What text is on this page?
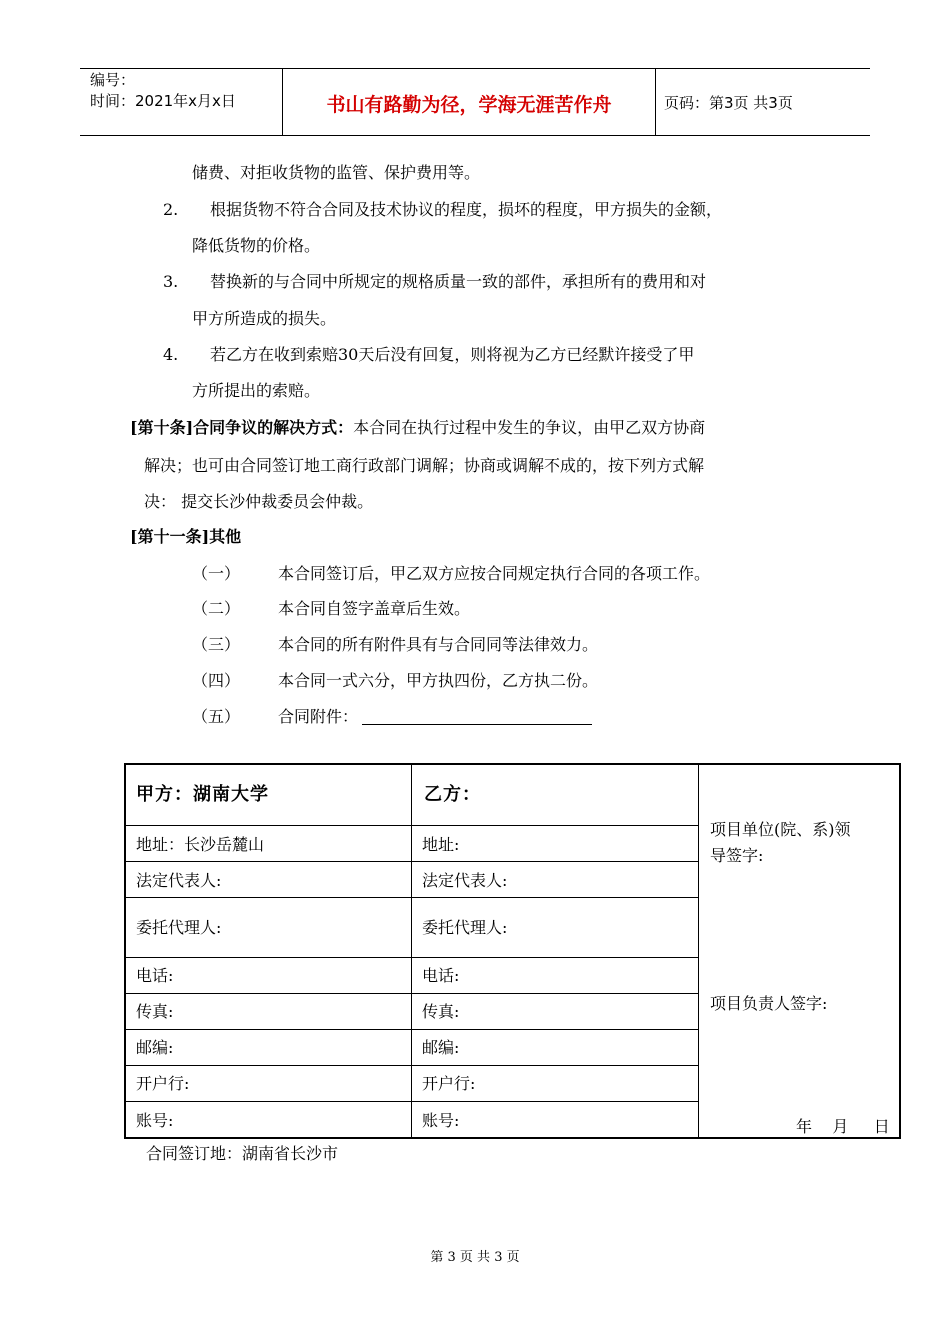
编号：
时间：2021年x月x日	书山有路勤为径，学海无涯苦作舟	页码：第3页 共3页
储费、对拒收货物的监管、保护费用等。
2. 根据货物不符合合同及技术协议的程度，损坏的程度，甲方损失的金额，
降低货物的价格。
3. 替换新的与合同中所规定的规格质量一致的部件，承担所有的费用和对
甲方所造成的损失。
4. 若乙方在收到索赔30天后没有回复，则将视为乙方已经默许接受了甲
方所提出的索赔。
[第十条]合同争议的解决方式：本合同在执行过程中发生的争议，由甲乙双方协商
解决；也可由合同签订地工商行政部门调解；协商或调解不成的，按下列方式解
决： 提交长沙仲裁委员会仲裁。
[第十一条]其他
（一） 本合同签订后，甲乙双方应按合同规定执行合同的各项工作。
（二） 本合同自签字盖章后生效。
（三） 本合同的所有附件具有与合同同等法律效力。
（四） 本合同一式六分，甲方执四份，乙方执二份。
（五） 合同附件：
甲方：湖南大学	乙方：
地址：长沙岳麓山	地址:
法定代表人:	法定代表人:
委托代理人:	委托代理人:
电话:	电话:
传真:	传真:
邮编:	邮编:
开户行:	开户行:
账号:	账号:
项目单位(院、系)领
导签字:
项目负责人签字:
年    月     日
合同签订地：湖南省长沙市
第 3 页 共 3 页
